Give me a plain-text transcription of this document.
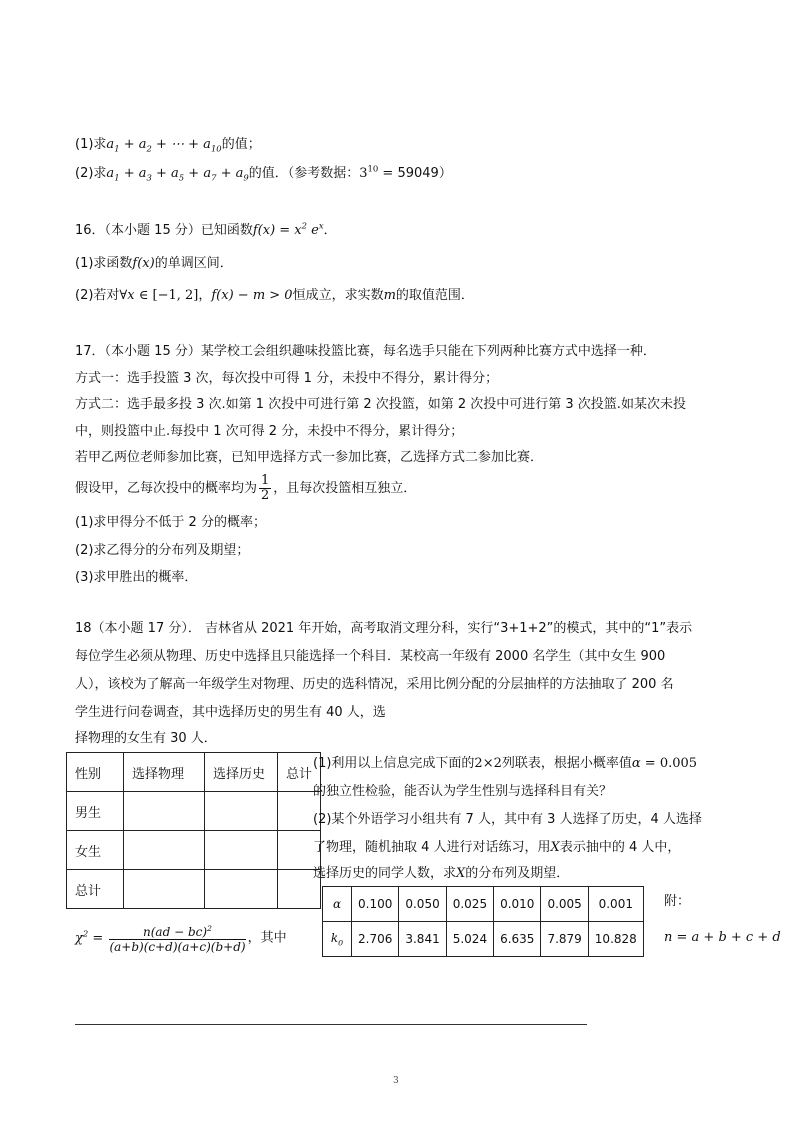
(1)求$a_1 + a_2$ + ⋯ + $a_{10}$的值；
(2)求$a_1 + a_3 + a_5 + a_7 + a_9$的值．（参考数据：$3^{10} = 59049$）
16．（本小题 15 分）已知函数$f(x) = x^2$ $e^x$．
(1)求函数f(x)的单调区间．
(2)若对∀x ∈ [−1, 2]，f(x) − m > 0恒成立，求实数m的取值范围．
17．（本小题 15 分）某学校工会组织趣味投篮比赛，每名选手只能在下列两种比赛方式中选择一种．
方式一：选手投篮 3 次，每次投中可得 1 分，未投中不得分，累计得分；
方式二：选手最多投 3 次.如第 1 次投中可进行第 2 次投篮，如第 2 次投中可进行第 3 次投篮.如某次未投
中，则投篮中止.每投中 1 次可得 2 分，未投中不得分，累计得分；
若甲乙两位老师参加比赛，已知甲选择方式一参加比赛，乙选择方式二参加比赛．
假设甲，乙每次投中的概率均为 $\frac{1}{2}$ ，且每次投篮相互独立．
(1)求甲得分不低于 2 分的概率；
(2)求乙得分的分布列及期望；
(3)求甲胜出的概率．
18（本小题 17 分）． 吉林省从 2021 年开始，高考取消文理分科，实行“3+1+2”的模式，其中的“1”表示
每位学生必须从物理、历史中选择且只能选择一个科目．某校高一年级有 2000 名学生（其中女生 900
人），该校为了解高一年级学生对物理、历史的选科情况，采用比例分配的分层抽样的方法抽取了 200 名
学生进行问卷调查，其中选择历史的男生有 40 人，选
择物理的女生有 30 人．
性别	选择物理	选择历史	总计
男生			
女生			
总计			
(1)利用以上信息完成下面的2×2列联表，根据小概率值α = 0.005
的独立性检验，能否认为学生性别与选择科目有关？
(2)某个外语学习小组共有 7 人，其中有 3 人选择了历史，4 人选择
了物理，随机抽取 4 人进行对话练习，用X表示抽中的 4 人中，
选择历史的同学人数，求X的分布列及期望．
$\chi^2 = \frac{n(ad - bc)^2}{(a+b)(c+d)(a+c)(b+d)}$ ，其中
α	0.100	0.050	0.025	0.010	0.005	0.001
$k_0$	2.706	3.841	5.024	6.635	7.879	10.828
附：
n = a + b + c + d
3
